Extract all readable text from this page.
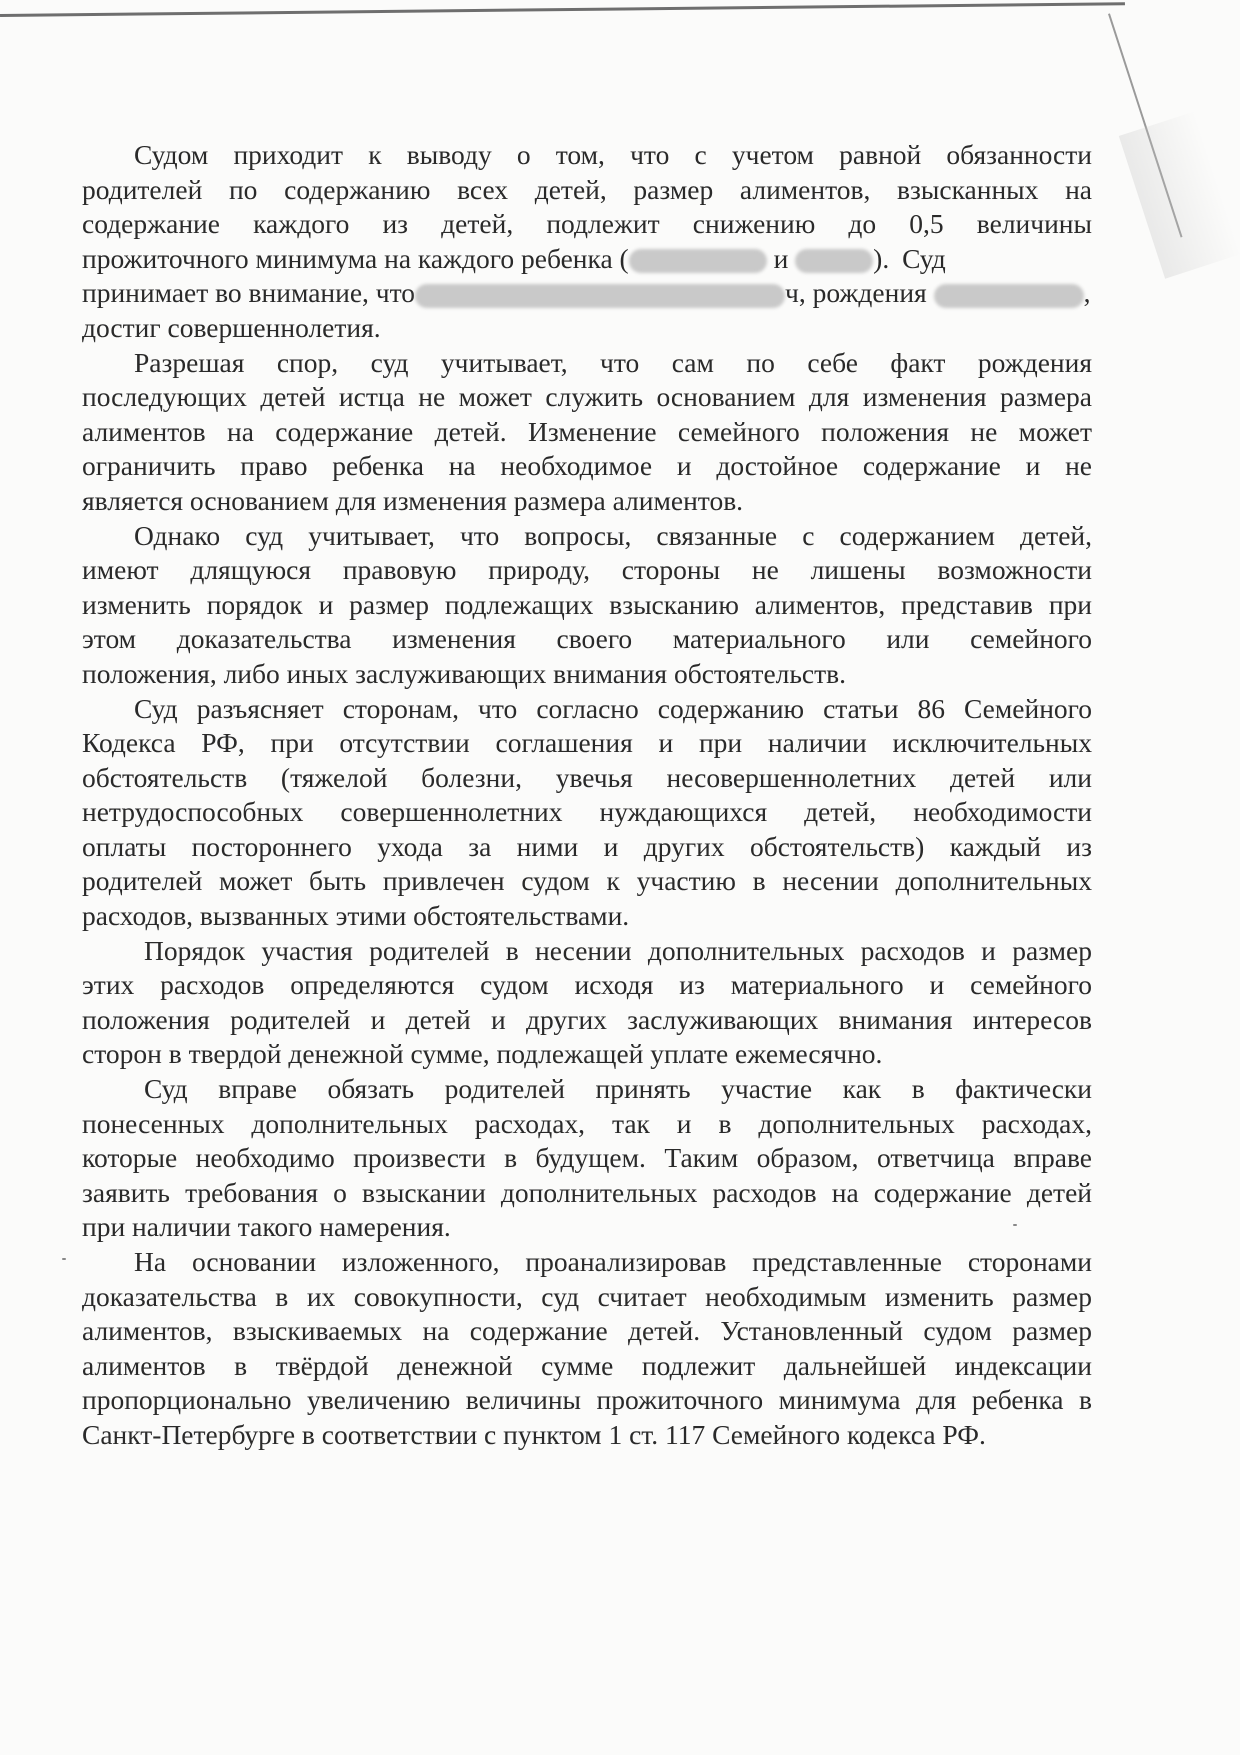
Судом приходит к выводу о том, что с учетом равной обязанности
родителей по содержанию всех детей, размер алиментов, взысканных на
содержание каждого из детей, подлежит снижению до 0,5 величины
прожиточного минимума на каждого ребенка (	и	). Суд
принимает во внимание, что	ч, рождения	,
достиг совершеннолетия.
Разрешая спор, суд учитывает, что сам по себе факт рождения
последующих детей истца не может служить основанием для изменения размера
алиментов на содержание детей. Изменение семейного положения не может
ограничить право ребенка на необходимое и достойное содержание и не
является основанием для изменения размера алиментов.
Однако суд учитывает, что вопросы, связанные с содержанием детей,
имеют длящуюся правовую природу, стороны не лишены возможности
изменить порядок и размер подлежащих взысканию алиментов, представив при
этом доказательства изменения своего материального или семейного
положения, либо иных заслуживающих внимания обстоятельств.
Суд разъясняет сторонам, что согласно содержанию статьи 86 Семейного
Кодекса РФ, при отсутствии соглашения и при наличии исключительных
обстоятельств (тяжелой болезни, увечья несовершеннолетних детей или
нетрудоспособных совершеннолетних нуждающихся детей, необходимости
оплаты постороннего ухода за ними и других обстоятельств) каждый из
родителей может быть привлечен судом к участию в несении дополнительных
расходов, вызванных этими обстоятельствами.
Порядок участия родителей в несении дополнительных расходов и размер
этих расходов определяются судом исходя из материального и семейного
положения родителей и детей и других заслуживающих внимания интересов
сторон в твердой денежной сумме, подлежащей уплате ежемесячно.
Суд вправе обязать родителей принять участие как в фактически
понесенных дополнительных расходах, так и в дополнительных расходах,
которые необходимо произвести в будущем. Таким образом, ответчица вправе
заявить требования о взыскании дополнительных расходов на содержание детей
при наличии такого намерения.
На основании изложенного, проанализировав представленные сторонами
доказательства в их совокупности, суд считает необходимым изменить размер
алиментов, взыскиваемых на содержание детей. Установленный судом размер
алиментов в твёрдой денежной сумме подлежит дальнейшей индексации
пропорционально увеличению величины прожиточного минимума для ребенка в
Санкт-Петербурге в соответствии с пунктом 1 ст. 117 Семейного кодекса РФ.
